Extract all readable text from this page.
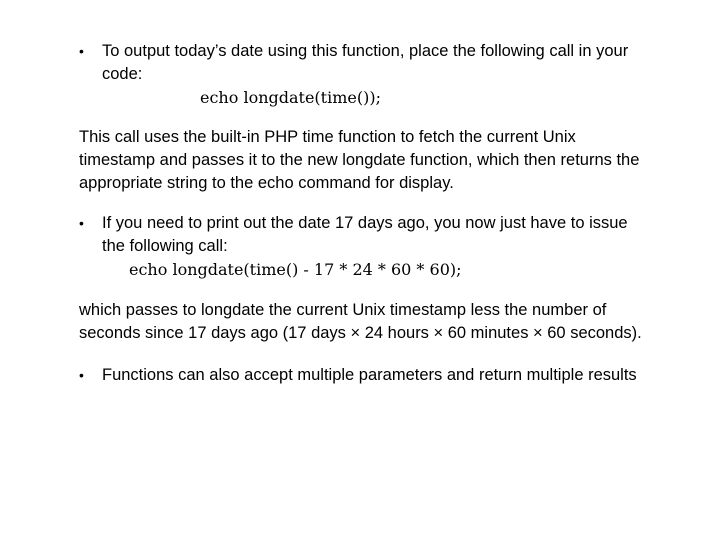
• To output today’s date using this function, place the following call in your
code:
echo longdate(time());
This call uses the built-in PHP time function to fetch the current Unix
timestamp and passes it to the new longdate function, which then returns the
appropriate string to the echo command for display.
• If you need to print out the date 17 days ago, you now just have to issue
the following call:
echo longdate(time() - 17 * 24 * 60 * 60);
which passes to longdate the current Unix timestamp less the number of
seconds since 17 days ago (17 days × 24 hours × 60 minutes × 60 seconds).
• Functions can also accept multiple parameters and return multiple results
